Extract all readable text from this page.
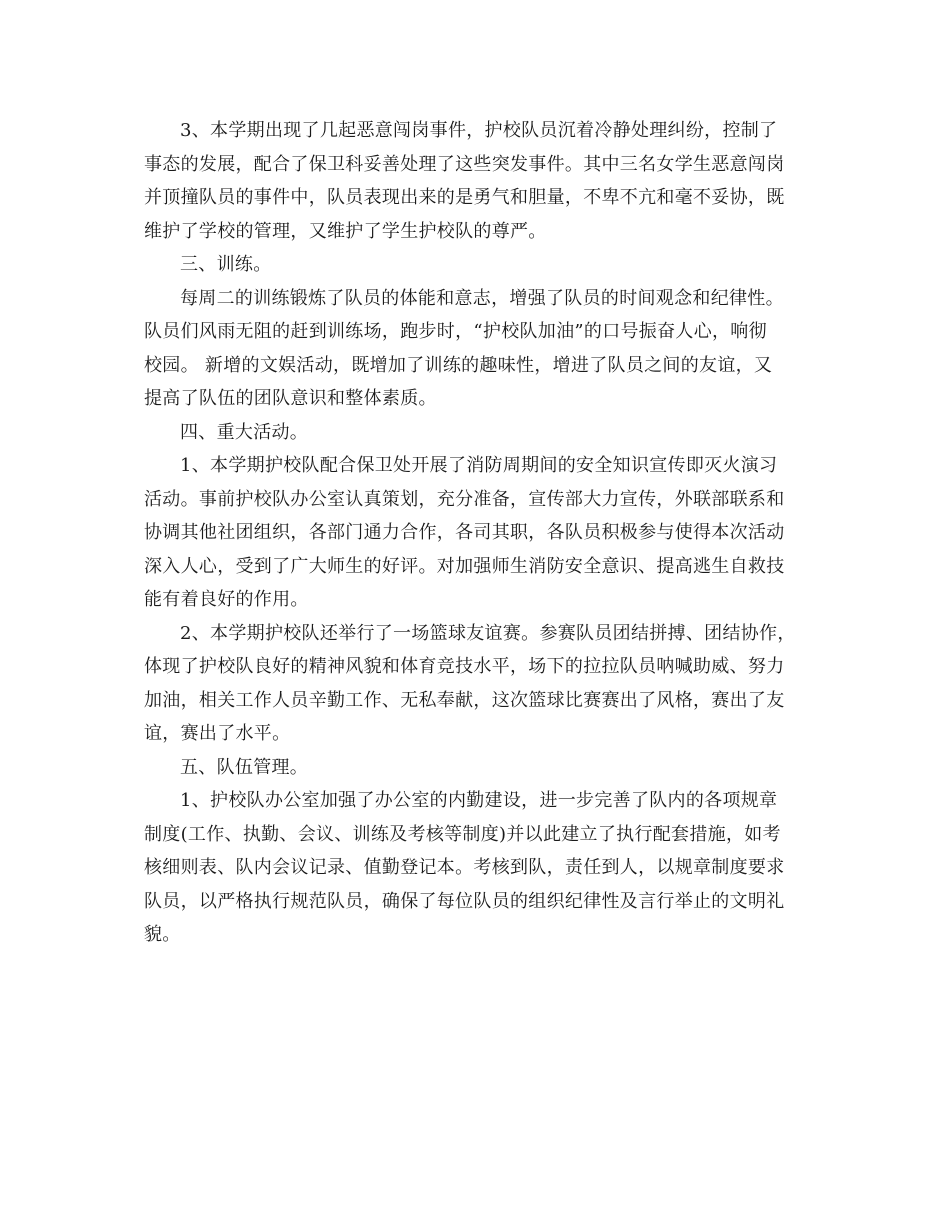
3、本学期出现了几起恶意闯岗事件，护校队员沉着冷静处理纠纷，控制了
事态的发展，配合了保卫科妥善处理了这些突发事件。其中三名女学生恶意闯岗
并顶撞队员的事件中，队员表现出来的是勇气和胆量，不卑不亢和毫不妥协，既
维护了学校的管理，又维护了学生护校队的尊严。
三、训练。
每周二的训练锻炼了队员的体能和意志，增强了队员的时间观念和纪律性。
队员们风雨无阻的赶到训练场，跑步时，“护校队加油”的口号振奋人心，响彻
校园。 新增的文娱活动，既增加了训练的趣味性，增进了队员之间的友谊，又
提高了队伍的团队意识和整体素质。
四、重大活动。
1、本学期护校队配合保卫处开展了消防周期间的安全知识宣传即灭火演习
活动。事前护校队办公室认真策划，充分准备，宣传部大力宣传，外联部联系和
协调其他社团组织，各部门通力合作，各司其职，各队员积极参与使得本次活动
深入人心，受到了广大师生的好评。对加强师生消防安全意识、提高逃生自救技
能有着良好的作用。
2、本学期护校队还举行了一场篮球友谊赛。参赛队员团结拼搏、团结协作，
体现了护校队良好的精神风貌和体育竞技水平，场下的拉拉队员呐喊助威、努力
加油，相关工作人员辛勤工作、无私奉献，这次篮球比赛赛出了风格，赛出了友
谊，赛出了水平。
五、队伍管理。
1、护校队办公室加强了办公室的内勤建设，进一步完善了队内的各项规章
制度(工作、执勤、会议、训练及考核等制度)并以此建立了执行配套措施，如考
核细则表、队内会议记录、值勤登记本。考核到队，责任到人，以规章制度要求
队员，以严格执行规范队员，确保了每位队员的组织纪律性及言行举止的文明礼
貌。
